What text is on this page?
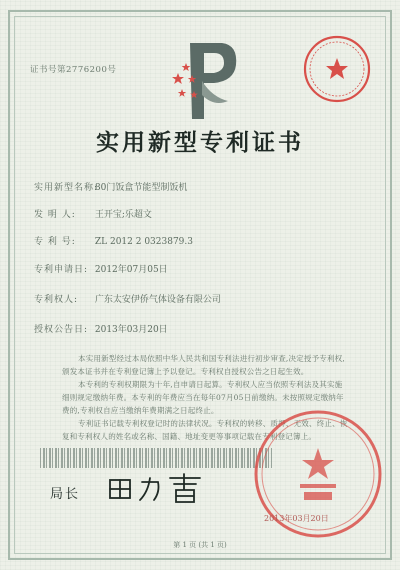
证书号第2776200号
实用新型专利证书
实用新型名称: 80门饭盒节能型制饭机
发 明 人: 王开宝;乐超文
专 利 号: ZL 2012 2 0323879.3
专利申请日: 2012年07月05日
专利权人: 广东太安伊侨气体设备有限公司
授权公告日: 2013年03月20日

本实用新型经过本局依照中华人民共和国专利法进行初步审查,决定授予专利权,颁发本证书并在专利登记簿上予以登记。专利权自授权公告之日起生效。

本专利的专利权期限为十年,自申请日起算。专利权人应当依照专利法及其实施细则规定缴纳年费。本专利的年费应当在每年07月05日前缴纳。未按照规定缴纳年费的,专利权自应当缴纳年费期满之日起终止。

专利证书记载专利权登记时的法律状况。专利权的转移、质押、无效、终止、恢复和专利权人的姓名或名称、国籍、地址变更等事项记载在专利登记簿上。

局长
2013年03月20日
第 1 页 (共 1 页)
